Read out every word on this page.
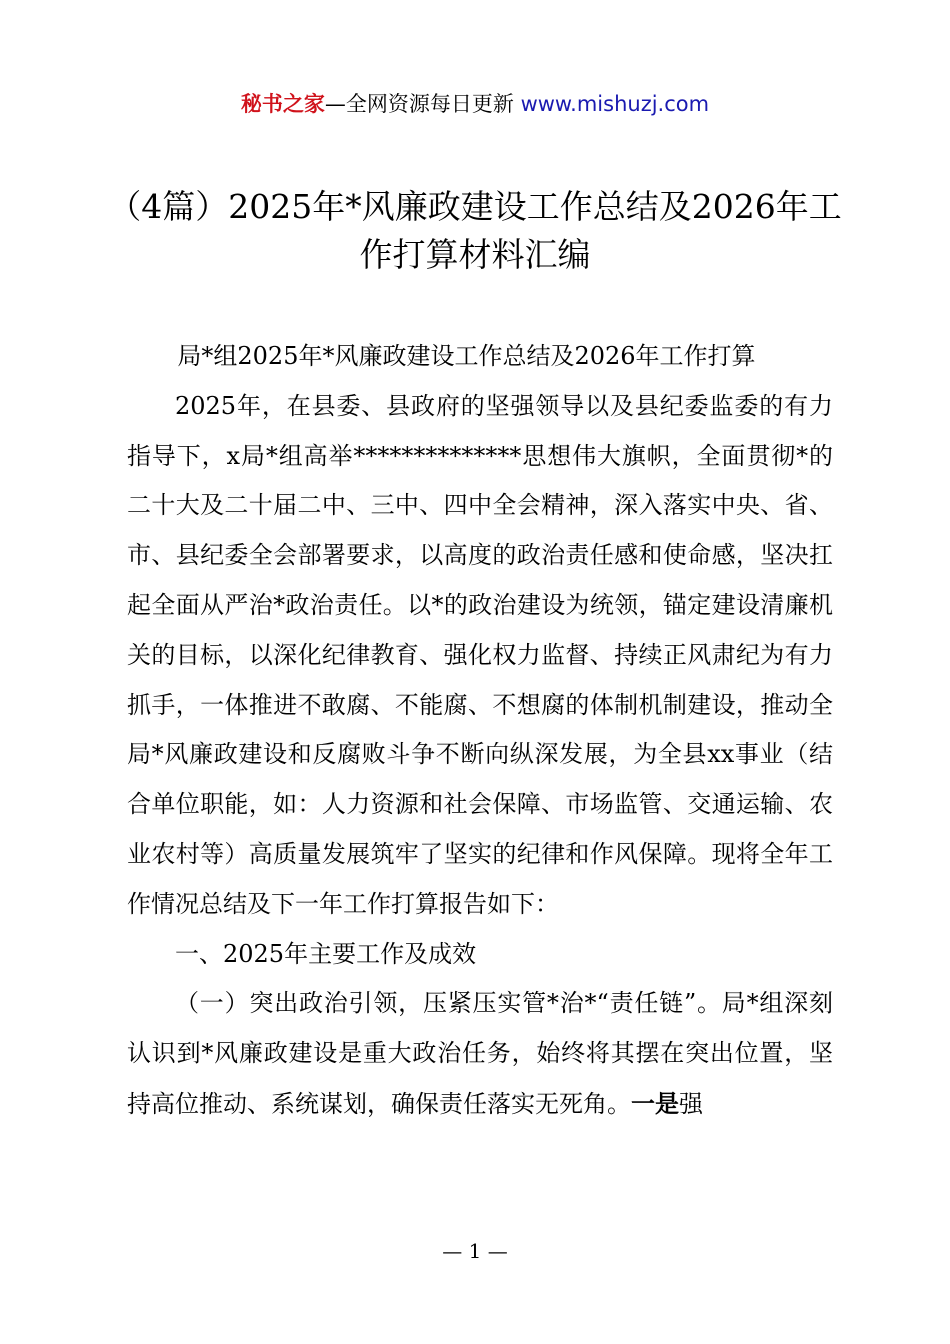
秘书之家—全网资源每日更新 www.mishuzj.com
（4篇）2025年*风廉政建设工作总结及2026年工作打算材料汇编

局*组2025年*风廉政建设工作总结及2026年工作打算

2025年，在县委、县政府的坚强领导以及县纪委监委的有力指导下，x局*组高举**************思想伟大旗帜，全面贯彻*的二十大及二十届二中、三中、四中全会精神，深入落实中央、省、市、县纪委全会部署要求，以高度的政治责任感和使命感，坚决扛起全面从严治*政治责任。以*的政治建设为统领，锚定建设清廉机关的目标，以深化纪律教育、强化权力监督、持续正风肃纪为有力抓手，一体推进不敢腐、不能腐、不想腐的体制机制建设，推动全局*风廉政建设和反腐败斗争不断向纵深发展，为全县xx事业（结合单位职能，如：人力资源和社会保障、市场监管、交通运输、农业农村等）高质量发展筑牢了坚实的纪律和作风保障。现将全年工作情况总结及下一年工作打算报告如下：

一、2025年主要工作及成效

（一）突出政治引领，压紧压实管*治*“责任链”。局*组深刻认识到*风廉政建设是重大政治任务，始终将其摆在突出位置，坚持高位推动、系统谋划，确保责任落实无死角。一是强

— 1 —
